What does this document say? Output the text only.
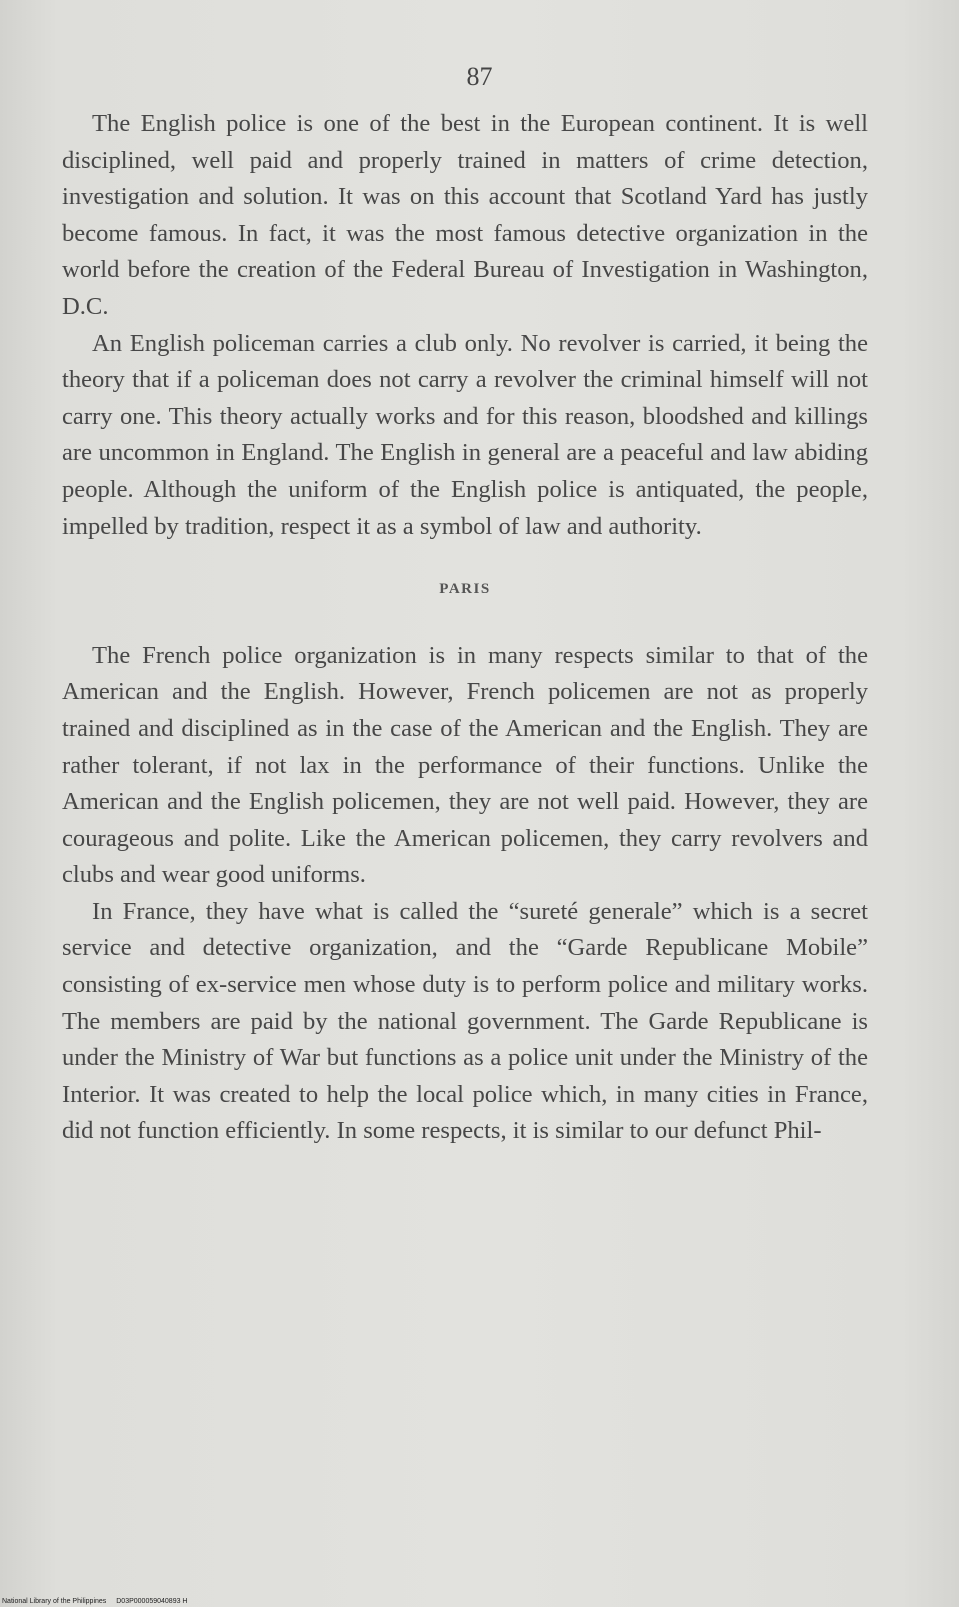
87

The English police is one of the best in the European continent. It is well disciplined, well paid and properly trained in matters of crime detection, investigation and solution. It was on this account that Scotland Yard has justly become famous. In fact, it was the most famous detective organization in the world before the creation of the Federal Bureau of Investigation in Washington, D.C.

An English policeman carries a club only. No revolver is carried, it being the theory that if a policeman does not carry a revolver the criminal himself will not carry one. This theory actually works and for this reason, bloodshed and killings are uncommon in England. The English in general are a peaceful and law abiding people. Although the uniform of the English police is antiquated, the people, impelled by tradition, respect it as a symbol of law and authority.

PARIS

The French police organization is in many respects similar to that of the American and the English. However, French policemen are not as properly trained and disciplined as in the case of the American and the English. They are rather tolerant, if not lax in the performance of their functions. Unlike the American and the English policemen, they are not well paid. However, they are courageous and polite. Like the American policemen, they carry revolvers and clubs and wear good uniforms.

In France, they have what is called the “sureté generale” which is a secret service and detective organization, and the “Garde Republicane Mobile” consisting of ex-service men whose duty is to perform police and military works. The members are paid by the national government. The Garde Republicane is under the Ministry of War but functions as a police unit under the Ministry of the Interior. It was created to help the local police which, in many cities in France, did not function efficiently. In some respects, it is similar to our defunct Phil-

National Library of the Philippines D03P000059040893 H
